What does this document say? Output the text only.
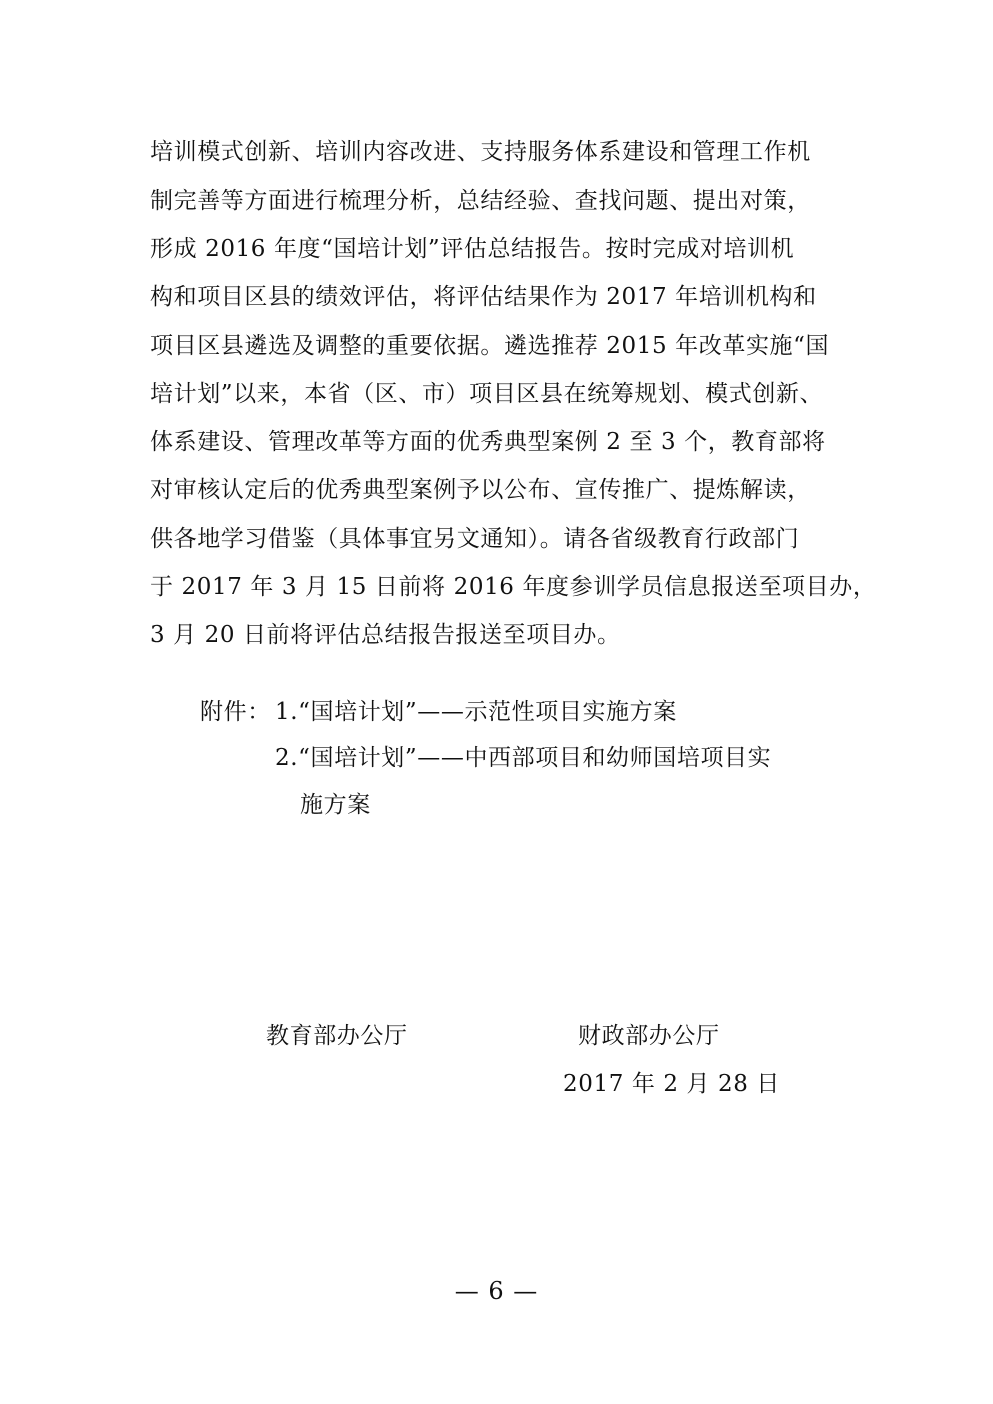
培训模式创新、培训内容改进、支持服务体系建设和管理工作机
制完善等方面进行梳理分析，总结经验、查找问题、提出对策，
形成 2016 年度“国培计划”评估总结报告。按时完成对培训机
构和项目区县的绩效评估，将评估结果作为 2017 年培训机构和
项目区县遴选及调整的重要依据。遴选推荐 2015 年改革实施“国
培计划”以来，本省（区、市）项目区县在统筹规划、模式创新、
体系建设、管理改革等方面的优秀典型案例 2 至 3 个，教育部将
对审核认定后的优秀典型案例予以公布、宣传推广、提炼解读，
供各地学习借鉴（具体事宜另文通知）。请各省级教育行政部门
于 2017 年 3 月 15 日前将 2016 年度参训学员信息报送至项目办，
3 月 20 日前将评估总结报告报送至项目办。
附件： 1.“国培计划”——示范性项目实施方案
2.“国培计划”——中西部项目和幼师国培项目实
施方案
教育部办公厅	财政部办公厅
2017 年 2 月 28 日
— 6 —
